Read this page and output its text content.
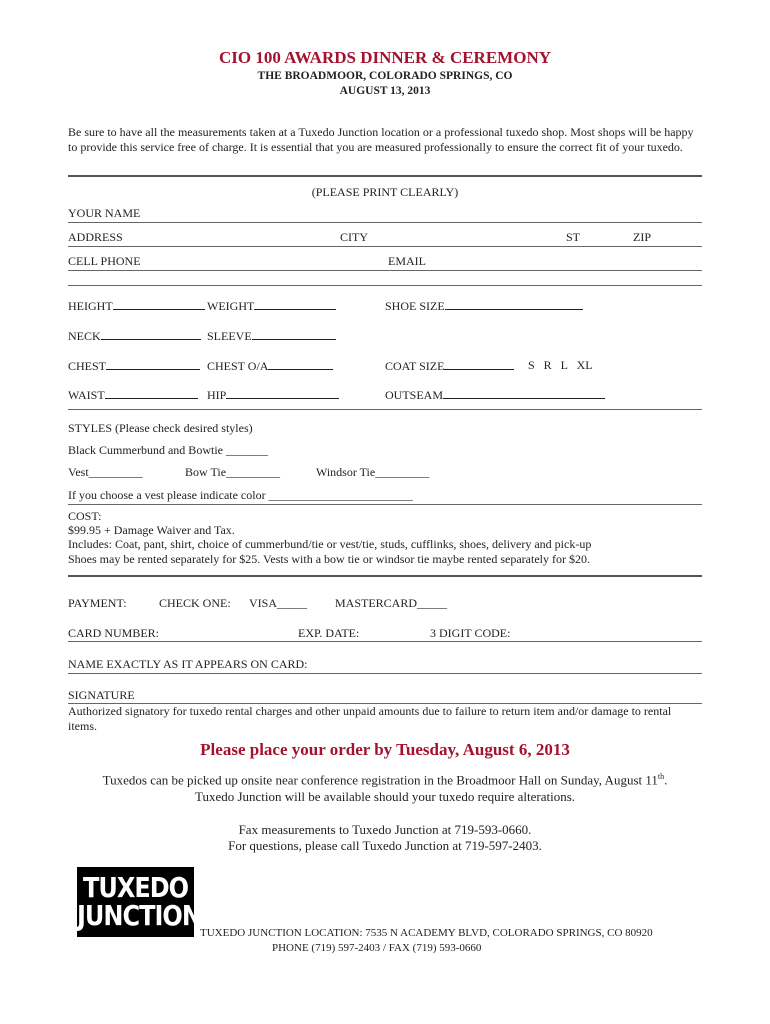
CIO 100 AWARDS DINNER & CEREMONY
THE BROADMOOR, COLORADO SPRINGS, CO
AUGUST 13, 2013
Be sure to have all the measurements taken at a Tuxedo Junction location or a professional tuxedo shop. Most shops will be happy to provide this service free of charge. It is essential that you are measured professionally to ensure the correct fit of your tuxedo.
(PLEASE PRINT CLEARLY)
YOUR NAME
ADDRESS	CITY	ST	ZIP
CELL PHONE	EMAIL
HEIGHT	WEIGHT	SHOE SIZE
NECK	SLEEVE
CHEST	CHEST O/A	COAT SIZE	S   R   L   XL
WAIST	HIP	OUTSEAM
STYLES (Please check desired styles)
Black Cummerbund and Bowtie _______
Vest_________	Bow Tie_________	Windsor Tie_________
If you choose a vest please indicate color ________________________
COST:
$99.95 + Damage Waiver and Tax.
Includes: Coat, pant, shirt, choice of cummerbund/tie or vest/tie, studs, cufflinks, shoes, delivery and pick-up
Shoes may be rented separately for $25. Vests with a bow tie or windsor tie maybe rented separately for $20.
PAYMENT:	CHECK ONE: VISA_____ MASTERCARD_____
CARD NUMBER:	EXP. DATE:	3 DIGIT CODE:
NAME EXACTLY AS IT APPEARS ON CARD:
SIGNATURE
Authorized signatory for tuxedo rental charges and other unpaid amounts due to failure to return item and/or damage to rental items.
Please place your order by Tuesday, August 6, 2013
Tuxedos can be picked up onsite near conference registration in the Broadmoor Hall on Sunday, August 11th.
Tuxedo Junction will be available should your tuxedo require alterations.
Fax measurements to Tuxedo Junction at 719-593-0660.
For questions, please call Tuxedo Junction at 719-597-2403.
TUXEDO
JUNCTION
TUXEDO JUNCTION LOCATION: 7535 N ACADEMY BLVD, COLORADO SPRINGS, CO 80920
PHONE (719) 597-2403 / FAX (719) 593-0660
